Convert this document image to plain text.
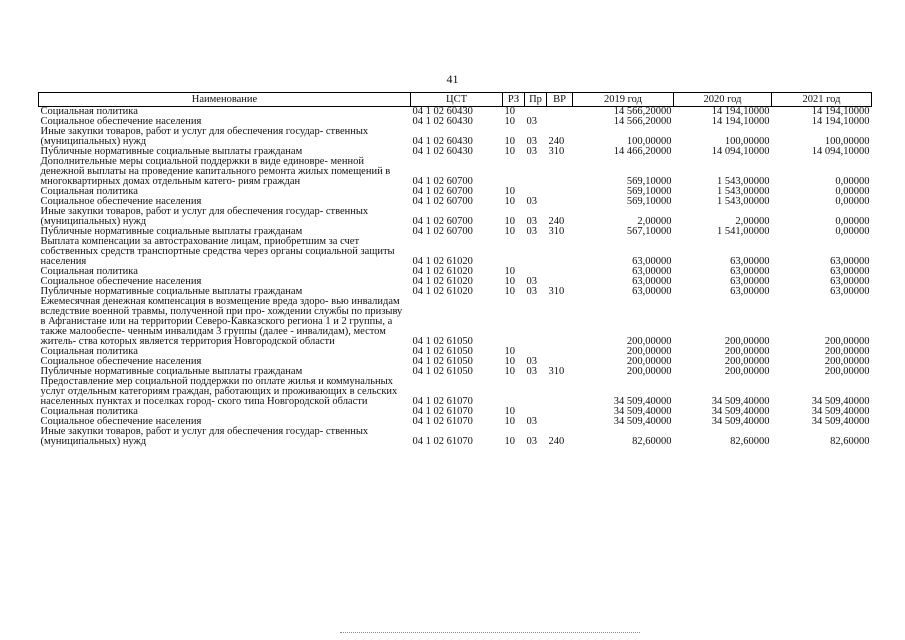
41
Наименование	ЦСТ	РЗ	Пр	ВР	2019 год	2020 год	2021 год
Социальная политика	04 1 02 60430	10			14 566,20000	14 194,10000	14 194,10000
Социальное обеспечение населения	04 1 02 60430	10	03		14 566,20000	14 194,10000	14 194,10000
Иные закупки товаров, работ и услуг для обеспечения государ- ственных (муниципальных) нужд	04 1 02 60430	10	03	240	100,00000	100,00000	100,00000
Публичные нормативные социальные выплаты гражданам	04 1 02 60430	10	03	310	14 466,20000	14 094,10000	14 094,10000
Дополнительные меры социальной поддержки в виде единовре- менной денежной выплаты на проведение капитального ремонта жилых помещений в многоквартирных домах отдельным катего- риям граждан	04 1 02 60700				569,10000	1 543,00000	0,00000
Социальная политика	04 1 02 60700	10			569,10000	1 543,00000	0,00000
Социальное обеспечение населения	04 1 02 60700	10	03		569,10000	1 543,00000	0,00000
Иные закупки товаров, работ и услуг для обеспечения государ- ственных (муниципальных) нужд	04 1 02 60700	10	03	240	2,00000	2,00000	0,00000
Публичные нормативные социальные выплаты гражданам	04 1 02 60700	10	03	310	567,10000	1 541,00000	0,00000
Выплата компенсации за автострахование лицам, приобретшим за счет собственных средств транспортные средства через органы социальной защиты населения	04 1 02 61020				63,00000	63,00000	63,00000
Социальная политика	04 1 02 61020	10			63,00000	63,00000	63,00000
Социальное обеспечение населения	04 1 02 61020	10	03		63,00000	63,00000	63,00000
Публичные нормативные социальные выплаты гражданам	04 1 02 61020	10	03	310	63,00000	63,00000	63,00000
Ежемесячная денежная компенсация в возмещение вреда здоро- вью инвалидам вследствие военной травмы, полученной при про- хождении службы по призыву в Афганистане или на территории Северо-Кавказского региона 1 и 2 группы, а также малообеспе- ченным инвалидам 3 группы (далее - инвалидам), местом житель- ства которых является территория Новгородской области	04 1 02 61050				200,00000	200,00000	200,00000
Социальная политика	04 1 02 61050	10			200,00000	200,00000	200,00000
Социальное обеспечение населения	04 1 02 61050	10	03		200,00000	200,00000	200,00000
Публичные нормативные социальные выплаты гражданам	04 1 02 61050	10	03	310	200,00000	200,00000	200,00000
Предоставление мер социальной поддержки по оплате жилья и коммунальных услуг отдельным категориям граждан, работающих и проживающих в сельских населенных пунктах и поселках город- ского типа Новгородской области	04 1 02 61070				34 509,40000	34 509,40000	34 509,40000
Социальная политика	04 1 02 61070	10			34 509,40000	34 509,40000	34 509,40000
Социальное обеспечение населения	04 1 02 61070	10	03		34 509,40000	34 509,40000	34 509,40000
Иные закупки товаров, работ и услуг для обеспечения государ- ственных (муниципальных) нужд	04 1 02 61070	10	03	240	82,60000	82,60000	82,60000
